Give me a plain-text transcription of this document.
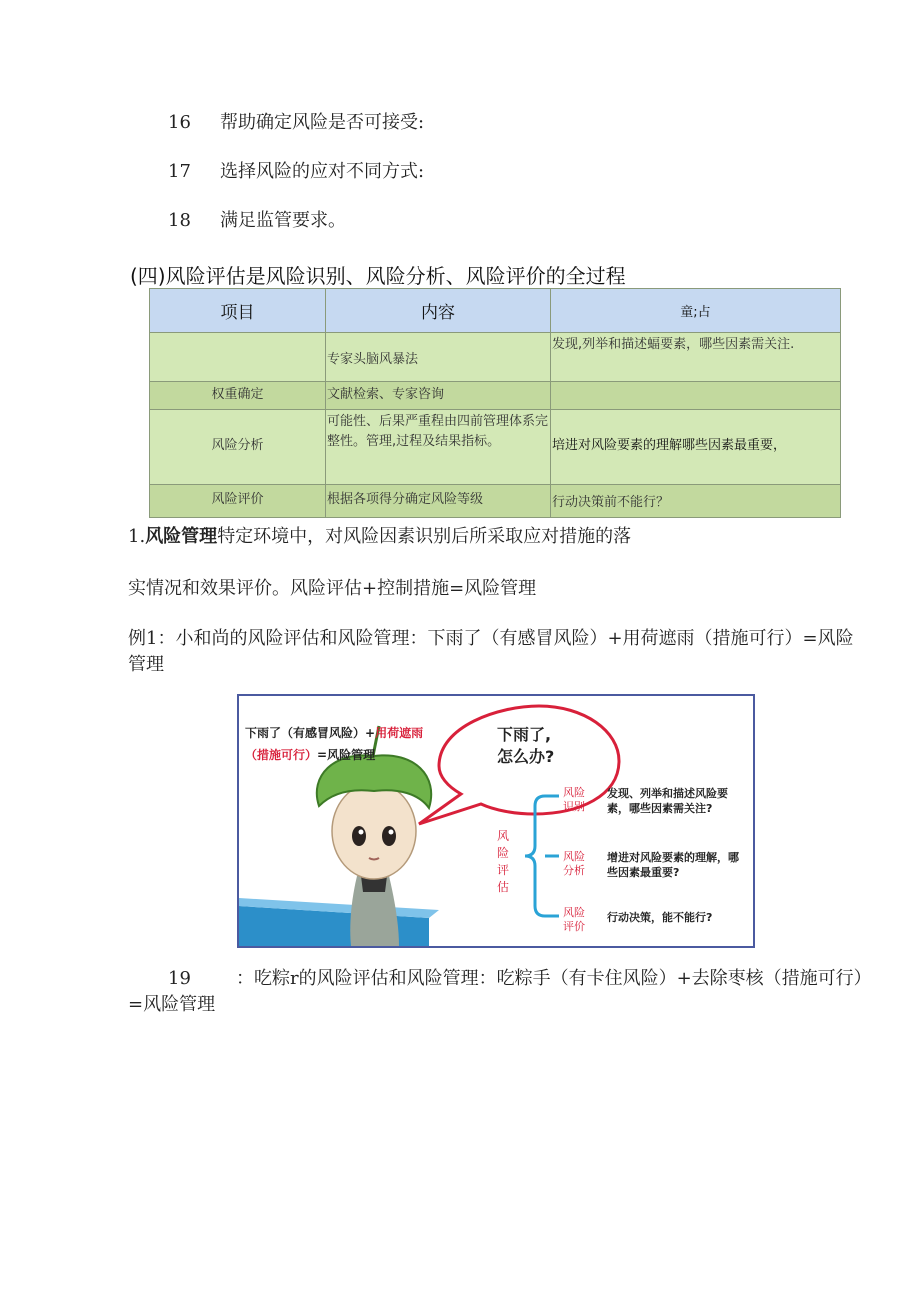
16 帮助确定风险是否可接受:
17 选择风险的应对不同方式:
18 满足监管要求。
(四)风险评估是风险识别、风险分析、风险评价的全过程
项目	内容	童;占
	专家头脑风暴法	发现,列举和描述蝠要素，哪些因素需关注.
权重确定	文献检索、专家咨询	
风险分析	可能性、后果严重程由四前管理体系完整性。管理,过程及结果指标。	培进对风险要素的理解哪些因素最重要，
风险评价	根据各项得分确定风险等级	行动决策前不能行？
1.风险管理特定环境中，对风险因素识别后所采取应对措施的落
实情况和效果评价。风险评估+控制措施=风险管理
例1：小和尚的风险评估和风险管理：下雨了（有感冒风险）+用荷遮雨（措施可行）=风险管理
下雨了（有感冒风险）+用荷遮雨
（措施可行）=风险管理
下雨了,
怎么办?
风险评估
风险识别
发现、列举和描述风险要素，哪些因素需关注?
风险分析
增进对风险要素的理解，哪些因素最重要?
风险评价
行动决策，能不能行?
19	：吃粽r的风险评估和风险管理：吃粽手（有卡住风险）+去除枣核（措施可行）=风险管理
